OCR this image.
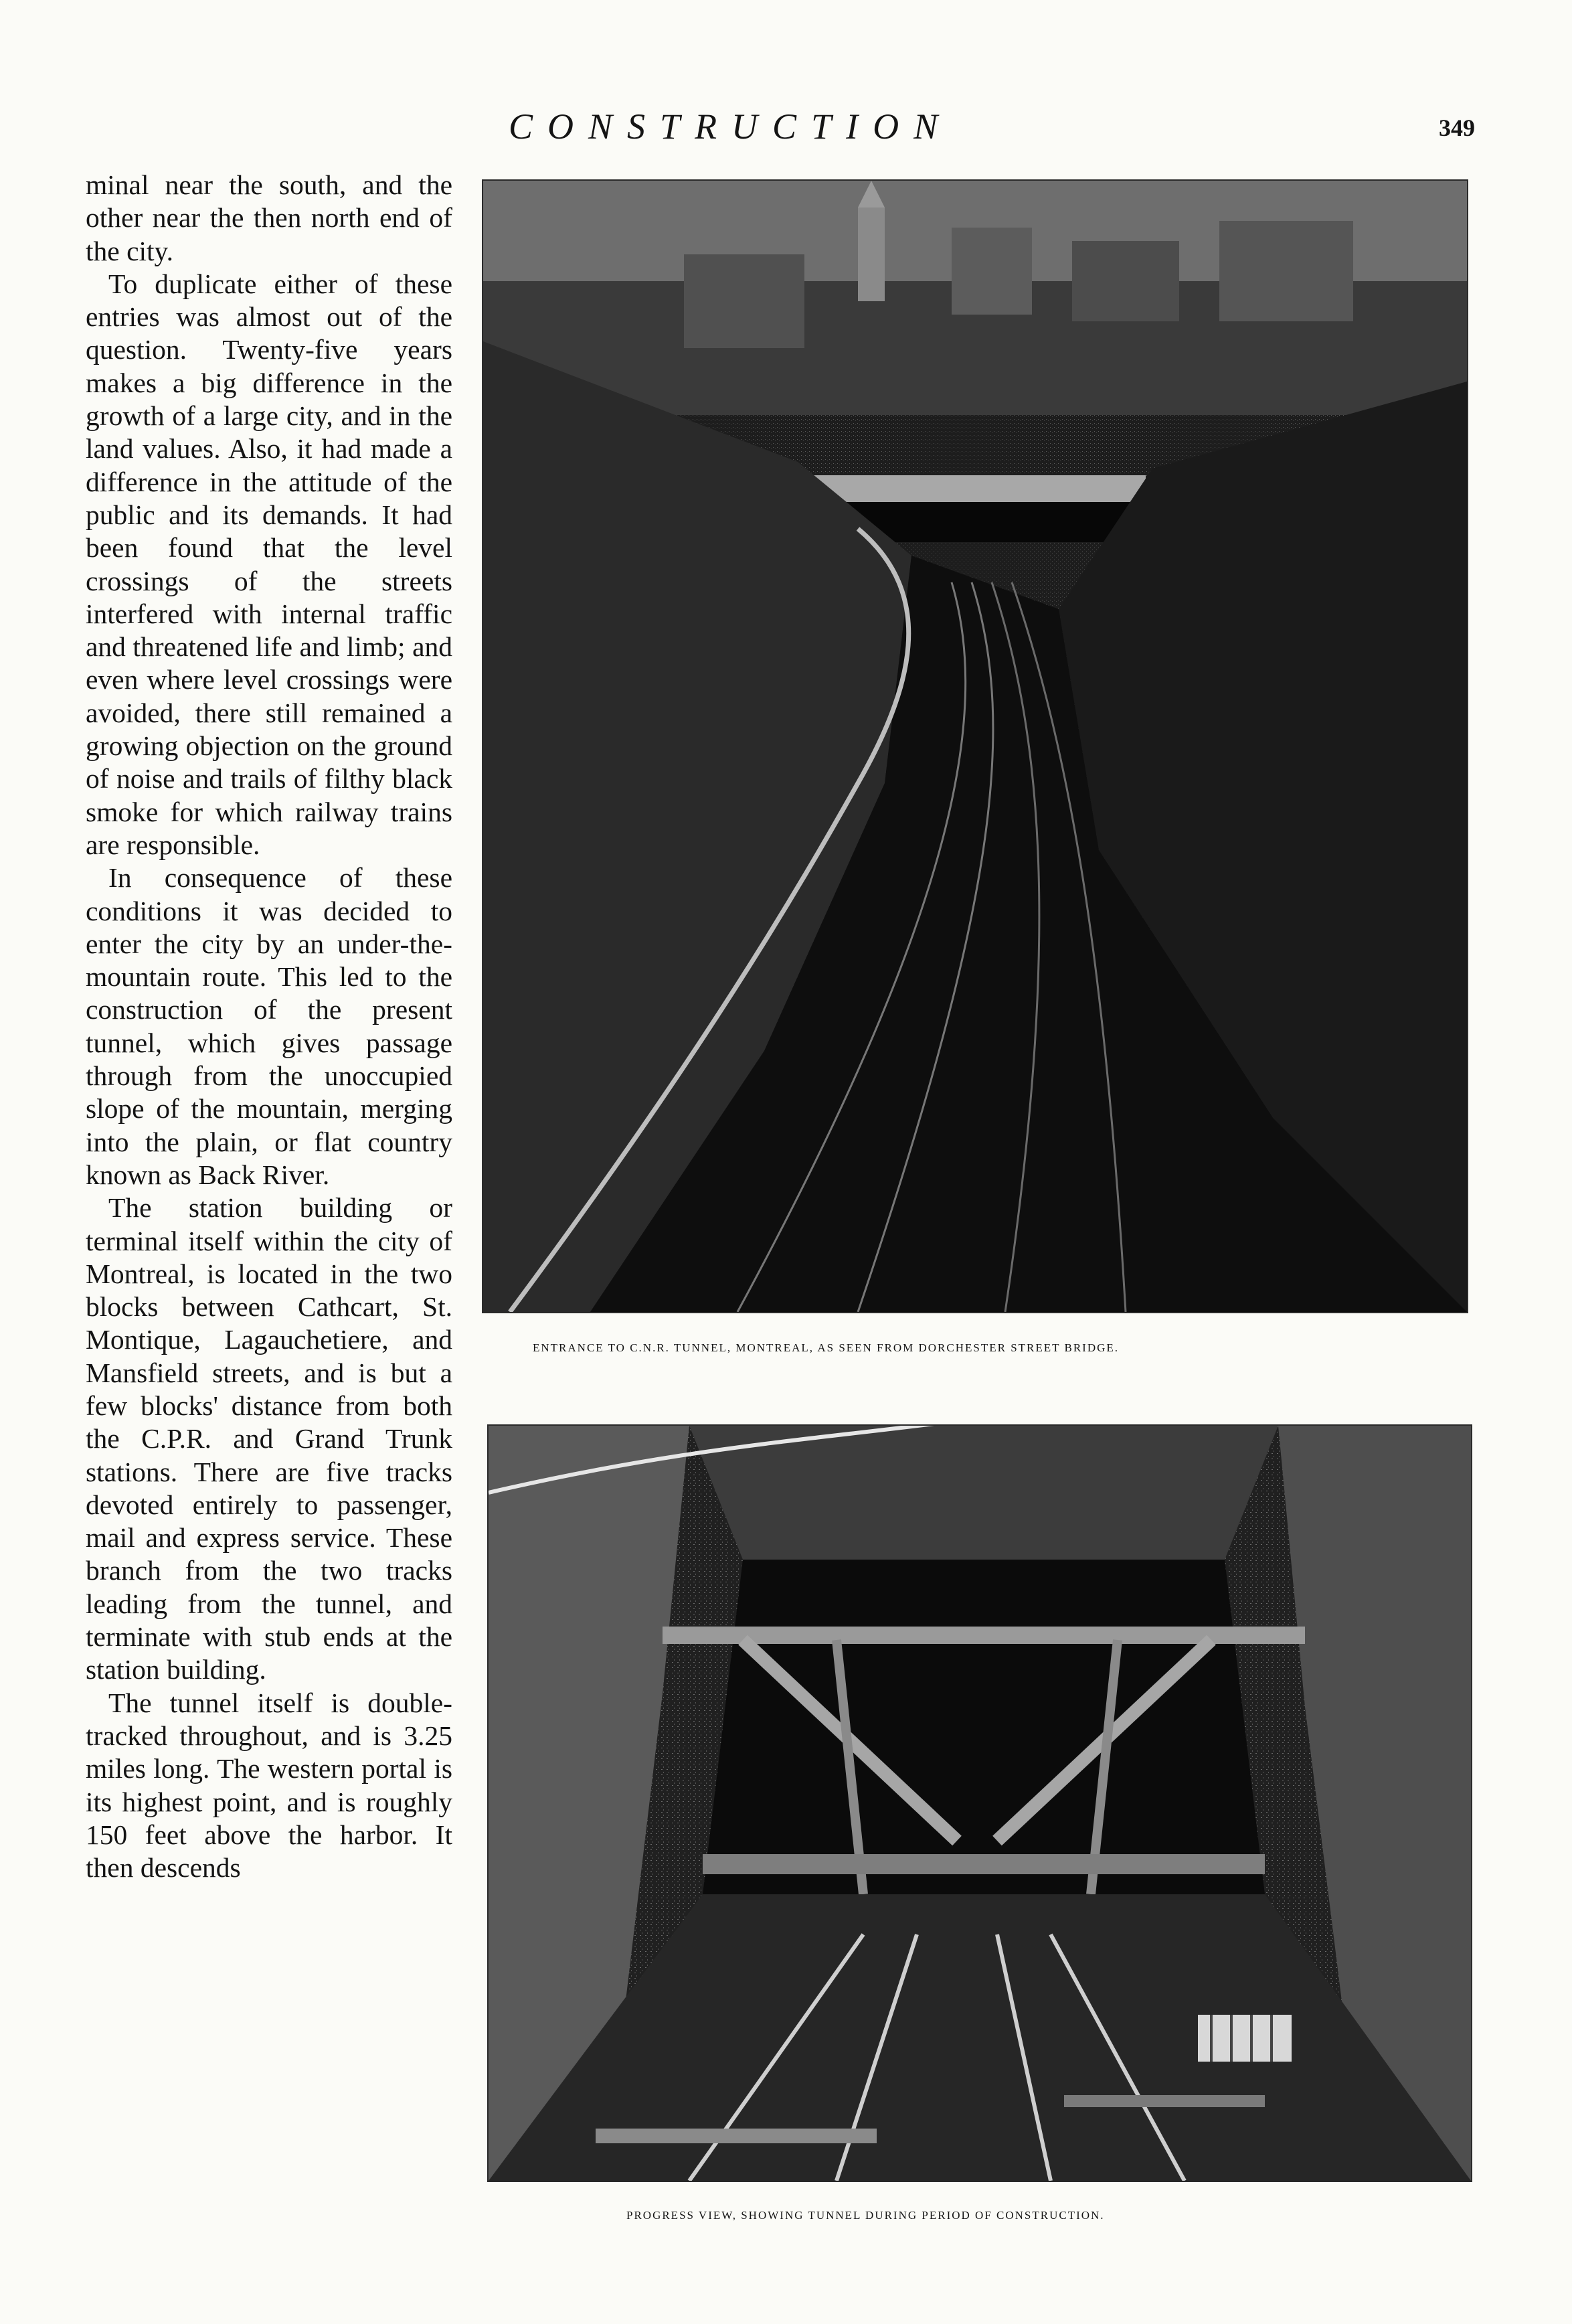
CONSTRUCTION	349

minal near the south, and the other near the then north end of the city.

To duplicate either of these entries was almost out of the question. Twenty-five years makes a big difference in the growth of a large city, and in the land values. Also, it had made a difference in the attitude of the public and its demands. It had been found that the level crossings of the streets interfered with internal traffic and threatened life and limb; and even where level crossings were avoided, there still remained a growing objection on the ground of noise and trails of filthy black smoke for which railway trains are responsible.

In consequence of these conditions it was decided to enter the city by an under-the-mountain route. This led to the construction of the present tunnel, which gives passage through from the unoccupied slope of the mountain, merging into the plain, or flat country known as Back River.

The station building or terminal itself within the city of Montreal, is located in the two blocks between Cathcart, St. Montique, Lagauchetiere, and Mansfield streets, and is but a few blocks' distance from both the C.P.R. and Grand Trunk stations. There are five tracks devoted entirely to passenger, mail and express service. These branch from the two tracks leading from the tunnel, and terminate with stub ends at the station building.

The tunnel itself is double-tracked throughout, and is 3.25 miles long. The western portal is its highest point, and is roughly 150 feet above the harbor. It then descends

ENTRANCE TO C.N.R. TUNNEL, MONTREAL, AS SEEN FROM DORCHESTER STREET BRIDGE.
PROGRESS VIEW, SHOWING TUNNEL DURING PERIOD OF CONSTRUCTION.
